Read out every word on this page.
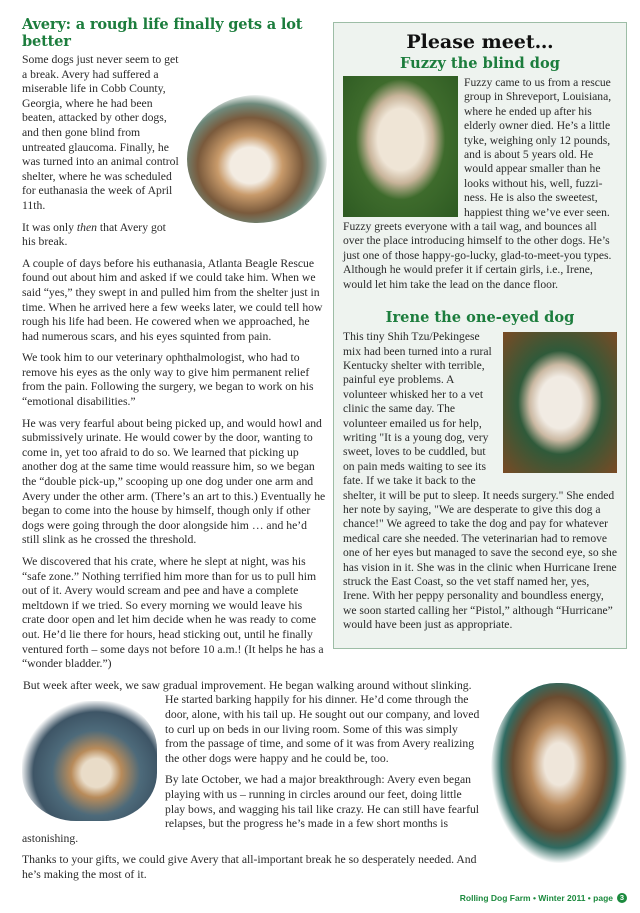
Avery: a rough life finally gets a lot better

Some dogs just never seem to get a break. Avery had suffered a miserable life in Cobb County, Georgia, where he had been beaten, attacked by other dogs, and then gone blind from untreated glaucoma. Finally, he was turned into an animal control shelter, where he was scheduled for euthanasia the week of April 11th.

It was only then that Avery got his break.

A couple of days before his euthanasia, Atlanta Beagle Rescue found out about him and asked if we could take him. When we said “yes,” they swept in and pulled him from the shelter just in time. When he arrived here a few weeks later, we could tell how rough his life had been. He cowered when we approached, he had numerous scars, and his eyes squinted from pain.

We took him to our veterinary ophthalmologist, who had to remove his eyes as the only way to give him permanent relief from the pain. Following the surgery, we began to work on his “emotional disabilities.”

He was very fearful about being picked up, and would howl and submissively urinate. He would cower by the door, wanting to come in, yet too afraid to do so. We learned that picking up another dog at the same time would reassure him, so we began the “double pick-up,” scooping up one dog under one arm and Avery under the other arm. (There’s an art to this.) Eventually he began to come into the house by himself, though only if other dogs were going through the door alongside him … and he’d still slink as he crossed the threshold.

We discovered that his crate, where he slept at night, was his “safe zone.” Nothing terrified him more than for us to pull him out of it. Avery would scream and pee and have a complete meltdown if we tried. So every morning we would leave his crate door open and let him decide when he was ready to come out. He’d lie there for hours, head sticking out, until he finally ventured forth – some days not before 10 a.m.! (It helps he has a “wonder bladder.”)

But week after week, we saw gradual improvement. He began walking around without slinking. He started barking happily for his dinner. He’d come through the door, alone, with his tail up. He sought out our company, and loved to curl up on beds in our living room. Some of this was simply from the passage of time, and some of it was from Avery realizing the other dogs were happy and he could be, too.

By late October, we had a major breakthrough: Avery even began playing with us – running in circles around our feet, doing little play bows, and wagging his tail like crazy. He can still have fearful relapses, but the progress he’s made in a few short months is astonishing.

Thanks to your gifts, we could give Avery that all-important break he so desperately needed. And he’s making the most of it.

Rolling Dog Farm • Winter 2011 • page 3
Please meet…
Fuzzy the blind dog

Fuzzy came to us from a rescue group in Shreveport, Louisiana, where he ended up after his elderly owner died. He’s a little tyke, weighing only 12 pounds, and is about 5 years old. He would appear smaller than he looks without his, well, fuzzi-ness. He is also the sweetest, happiest thing we’ve ever seen. Fuzzy greets everyone with a tail wag, and bounces all over the place introducing himself to the other dogs. He’s just one of those happy-go-lucky, glad-to-meet-you types. Although he would prefer it if certain girls, i.e., Irene, would let him take the lead on the dance floor.

Irene the one-eyed dog

This tiny Shih Tzu/Pekingese mix had been turned into a rural Kentucky shelter with terrible, painful eye problems. A volunteer whisked her to a vet clinic the same day. The volunteer emailed us for help, writing "It is a young dog, very sweet, loves to be cuddled, but on pain meds waiting to see its fate. If we take it back to the shelter, it will be put to sleep. It needs surgery." She ended her note by saying, "We are desperate to give this dog a chance!" We agreed to take the dog and pay for whatever medical care she needed. The veterinarian had to remove one of her eyes but managed to save the second eye, so she has vision in it. She was in the clinic when Hurricane Irene struck the East Coast, so the vet staff named her, yes, Irene. With her peppy personality and boundless energy, we soon started calling her “Pistol,” although “Hurricane” would have been just as appropriate.
